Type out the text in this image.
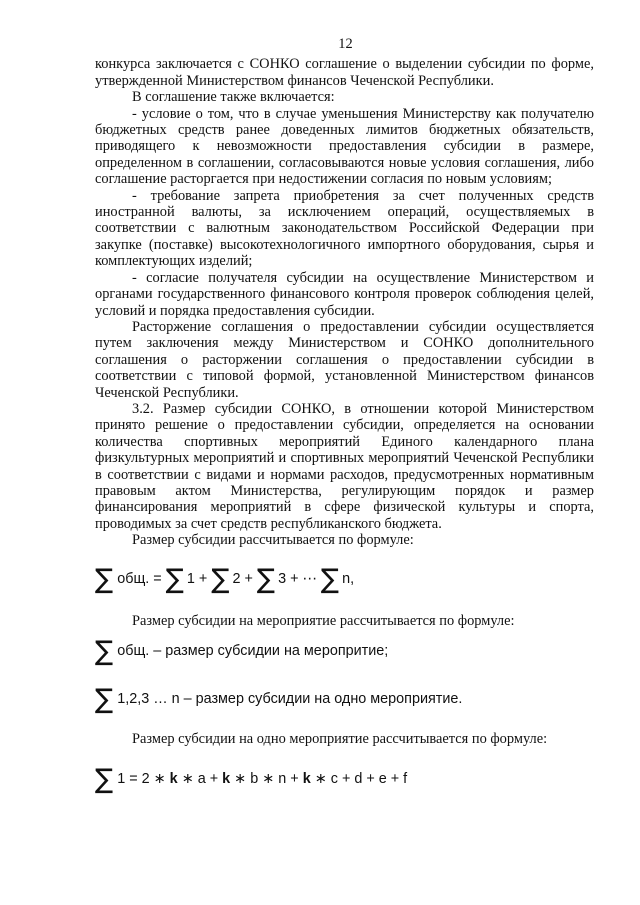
12

конкурса заключается с СОНКО соглашение о выделении субсидии по форме, утвержденной Министерством финансов Чеченской Республики.

В соглашение также включается:

- условие о том, что в случае уменьшения Министерству как получателю бюджетных средств ранее доведенных лимитов бюджетных обязательств, приводящего к невозможности предоставления субсидии в размере, определенном в соглашении, согласовываются новые условия соглашения, либо соглашение расторгается при недостижении согласия по новым условиям;

- требование запрета приобретения за счет полученных средств иностранной валюты, за исключением операций, осуществляемых в соответствии с валютным законодательством Российской Федерации при закупке (поставке) высокотехнологичного импортного оборудования, сырья и комплектующих изделий;

- согласие получателя субсидии на осуществление Министерством и органами государственного финансового контроля проверок соблюдения целей, условий и порядка предоставления субсидии.

Расторжение соглашения о предоставлении субсидии осуществляется путем заключения между Министерством и СОНКО дополнительного соглашения о расторжении соглашения о предоставлении субсидии в соответствии с типовой формой, установленной Министерством финансов Чеченской Республики.

3.2. Размер субсидии СОНКО, в отношении которой Министерством принято решение о предоставлении субсидии, определяется на основании количества спортивных мероприятий Единого календарного плана физкультурных мероприятий и спортивных мероприятий Чеченской Республики в соответствии с видами и нормами расходов, предусмотренных нормативным правовым актом Министерства, регулирующим порядок и размер финансирования мероприятий в сфере физической культуры и спорта, проводимых за счет средств республиканского бюджета.

Размер субсидии рассчитывается по формуле:

∑ общ. = ∑ 1 + ∑ 2 + ∑ 3 + ⋯ ∑ n,

Размер субсидии на мероприятие рассчитывается по формуле:

∑ общ. – размер субсидии на меропритие;
∑ 1,2,3 … n – размер субсидии на одно мероприятие.

Размер субсидии на одно мероприятие рассчитывается по формуле:

∑ 1 = 2 ∗
k
∗ a +
k
∗ b ∗ n +
k
∗ c + d + e + f
